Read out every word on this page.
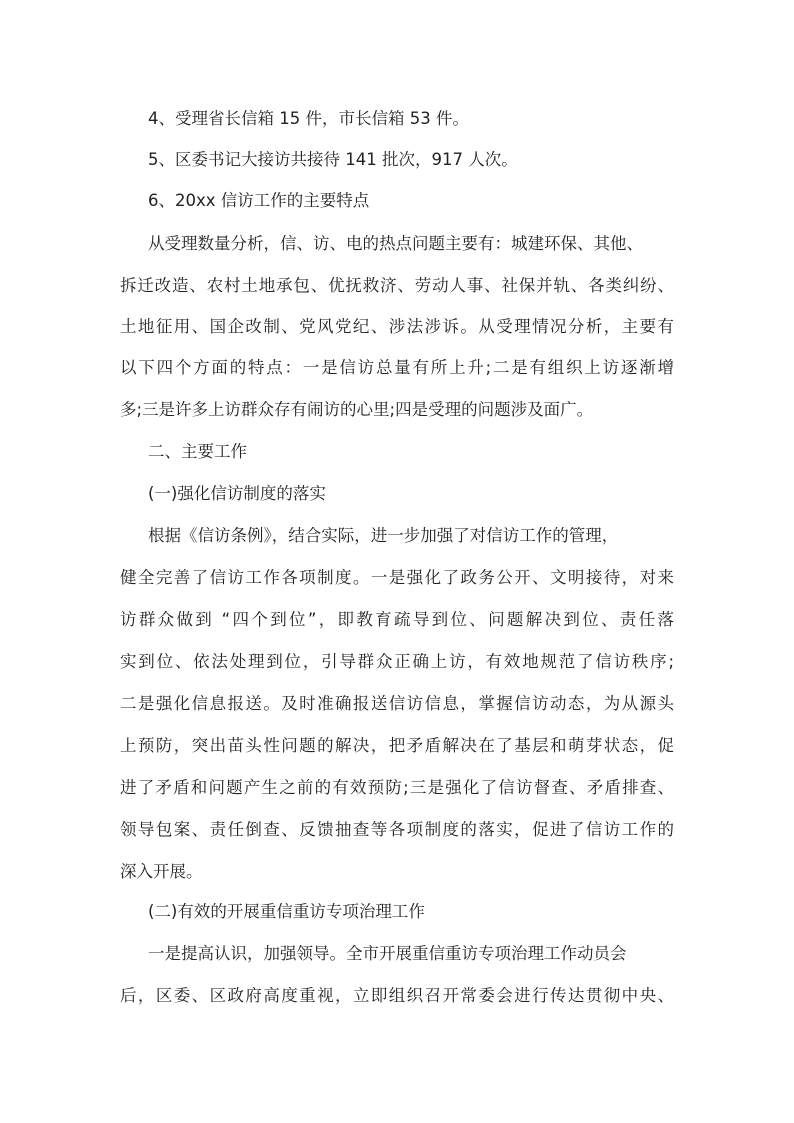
4、受理省长信箱 15 件，市长信箱 53 件。
5、区委书记大接访共接待 141 批次，917 人次。
6、20xx 信访工作的主要特点
从受理数量分析，信、访、电的热点问题主要有：城建环保、其他、
拆迁改造、农村土地承包、优抚救济、劳动人事、社保并轨、各类纠纷、
土地征用、国企改制、党风党纪、涉法涉诉。从受理情况分析，主要有
以下四个方面的特点：一是信访总量有所上升;二是有组织上访逐渐增
多;三是许多上访群众存有闹访的心里;四是受理的问题涉及面广。
二、主要工作
(一)强化信访制度的落实
根据《信访条例》，结合实际，进一步加强了对信访工作的管理，
健全完善了信访工作各项制度。一是强化了政务公开、文明接待，对来
访群众做到 “四个到位”，即教育疏导到位、问题解决到位、责任落
实到位、依法处理到位，引导群众正确上访，有效地规范了信访秩序;
二是强化信息报送。及时准确报送信访信息，掌握信访动态，为从源头
上预防，突出苗头性问题的解决，把矛盾解决在了基层和萌芽状态，促
进了矛盾和问题产生之前的有效预防;三是强化了信访督查、矛盾排查、
领导包案、责任倒查、反馈抽查等各项制度的落实，促进了信访工作的
深入开展。
(二)有效的开展重信重访专项治理工作
一是提高认识，加强领导。全市开展重信重访专项治理工作动员会
后，区委、区政府高度重视，立即组织召开常委会进行传达贯彻中央、
